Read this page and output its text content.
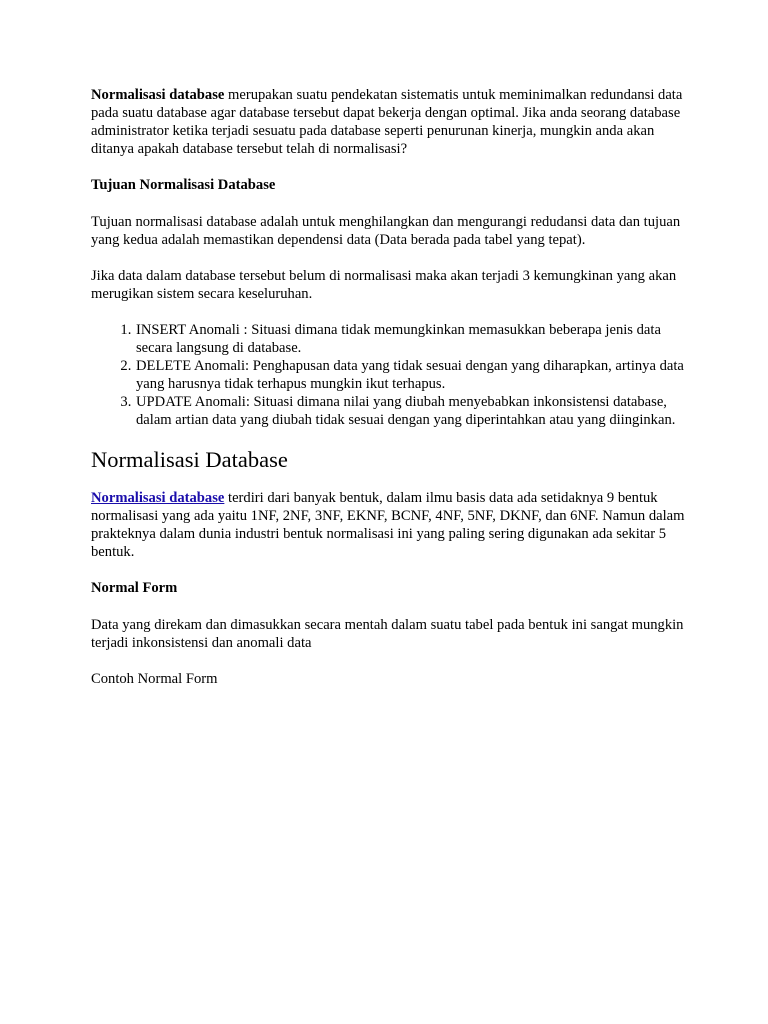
Normalisasi database merupakan suatu pendekatan sistematis untuk meminimalkan redundansi data pada suatu database agar database tersebut dapat bekerja dengan optimal. Jika anda seorang database administrator ketika terjadi sesuatu pada database seperti penurunan kinerja, mungkin anda akan ditanya apakah database tersebut telah di normalisasi?

Tujuan Normalisasi Database

Tujuan normalisasi database adalah untuk menghilangkan dan mengurangi redudansi data dan tujuan yang kedua adalah memastikan dependensi data (Data berada pada tabel yang tepat).

Jika data dalam database tersebut belum di normalisasi maka akan terjadi 3 kemungkinan yang akan merugikan sistem secara keseluruhan.

1. INSERT Anomali : Situasi dimana tidak memungkinkan memasukkan beberapa jenis data secara langsung di database.
2. DELETE Anomali: Penghapusan data yang tidak sesuai dengan yang diharapkan, artinya data yang harusnya tidak terhapus mungkin ikut terhapus.
3. UPDATE Anomali: Situasi dimana nilai yang diubah menyebabkan inkonsistensi database, dalam artian data yang diubah tidak sesuai dengan yang diperintahkan atau yang diinginkan.
Normalisasi Database

Normalisasi database terdiri dari banyak bentuk, dalam ilmu basis data ada setidaknya 9 bentuk normalisasi yang ada yaitu 1NF, 2NF, 3NF, EKNF, BCNF, 4NF, 5NF, DKNF, dan 6NF. Namun dalam prakteknya dalam dunia industri bentuk normalisasi ini yang paling sering digunakan ada sekitar 5 bentuk.

Normal Form

Data yang direkam dan dimasukkan secara mentah dalam suatu tabel pada bentuk ini sangat mungkin terjadi inkonsistensi dan anomali data

Contoh Normal Form
